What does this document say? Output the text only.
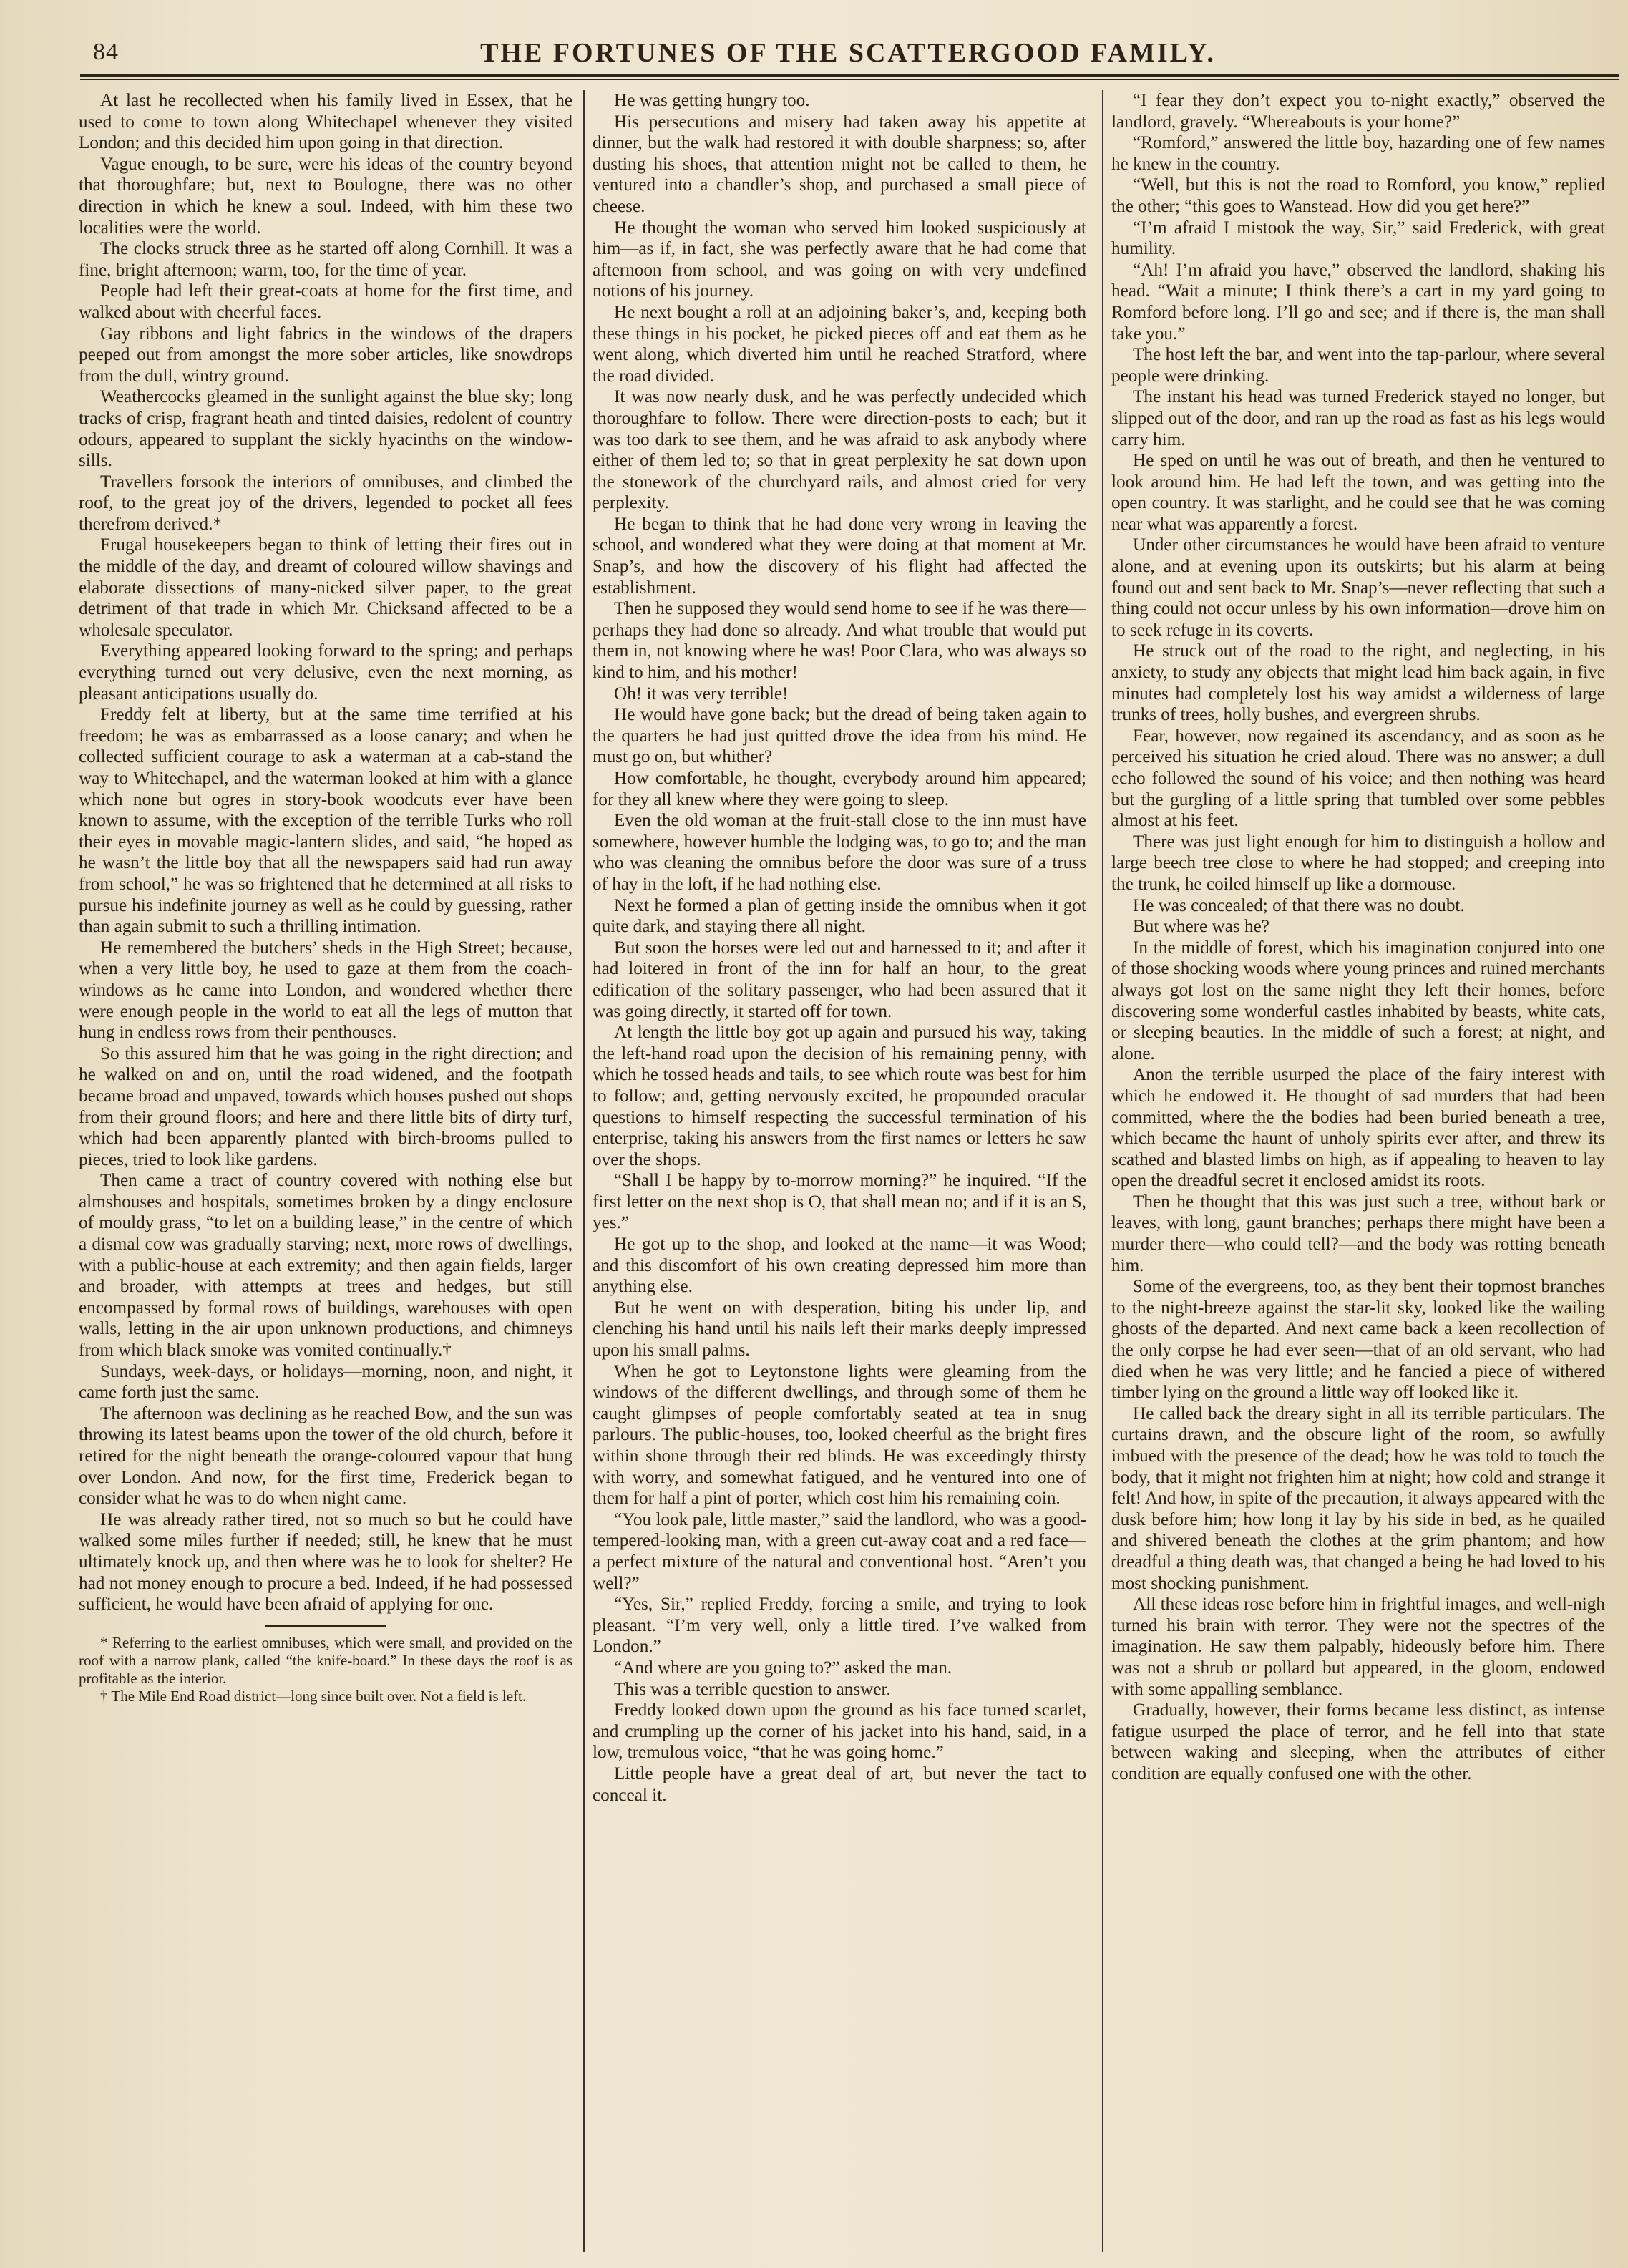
84	THE FORTUNES OF THE SCATTERGOOD FAMILY.

At last he recollected when his family lived in Essex, that he used to come to town along Whitechapel whenever they visited London; and this decided him upon going in that direction.

Vague enough, to be sure, were his ideas of the country beyond that thoroughfare; but, next to Boulogne, there was no other direction in which he knew a soul. Indeed, with him these two localities were the world.

The clocks struck three as he started off along Cornhill. It was a fine, bright afternoon; warm, too, for the time of year.

People had left their great-coats at home for the first time, and walked about with cheerful faces.

Gay ribbons and light fabrics in the windows of the drapers peeped out from amongst the more sober articles, like snowdrops from the dull, wintry ground.

Weathercocks gleamed in the sunlight against the blue sky; long tracks of crisp, fragrant heath and tinted daisies, redolent of country odours, appeared to supplant the sickly hyacinths on the window-sills.

Travellers forsook the interiors of omnibuses, and climbed the roof, to the great joy of the drivers, legended to pocket all fees therefrom derived.*

Frugal housekeepers began to think of letting their fires out in the middle of the day, and dreamt of coloured willow shavings and elaborate dissections of many-nicked silver paper, to the great detriment of that trade in which Mr. Chicksand affected to be a wholesale speculator.

Everything appeared looking forward to the spring; and perhaps everything turned out very delusive, even the next morning, as pleasant anticipations usually do.

Freddy felt at liberty, but at the same time terrified at his freedom; he was as embarrassed as a loose canary; and when he collected sufficient courage to ask a waterman at a cab-stand the way to Whitechapel, and the waterman looked at him with a glance which none but ogres in story-book woodcuts ever have been known to assume, with the exception of the terrible Turks who roll their eyes in movable magic-lantern slides, and said, “he hoped as he wasn’t the little boy that all the newspapers said had run away from school,” he was so frightened that he determined at all risks to pursue his indefinite journey as well as he could by guessing, rather than again submit to such a thrilling intimation.

He remembered the butchers’ sheds in the High Street; because, when a very little boy, he used to gaze at them from the coach-windows as he came into London, and wondered whether there were enough people in the world to eat all the legs of mutton that hung in endless rows from their penthouses.

So this assured him that he was going in the right direction; and he walked on and on, until the road widened, and the footpath became broad and unpaved, towards which houses pushed out shops from their ground floors; and here and there little bits of dirty turf, which had been apparently planted with birch-brooms pulled to pieces, tried to look like gardens.

Then came a tract of country covered with nothing else but almshouses and hospitals, sometimes broken by a dingy enclosure of mouldy grass, “to let on a building lease,” in the centre of which a dismal cow was gradually starving; next, more rows of dwellings, with a public-house at each extremity; and then again fields, larger and broader, with attempts at trees and hedges, but still encompassed by formal rows of buildings, warehouses with open walls, letting in the air upon unknown productions, and chimneys from which black smoke was vomited continually.†

Sundays, week-days, or holidays—morning, noon, and night, it came forth just the same.

The afternoon was declining as he reached Bow, and the sun was throwing its latest beams upon the tower of the old church, before it retired for the night beneath the orange-coloured vapour that hung over London. And now, for the first time, Frederick began to consider what he was to do when night came.

He was already rather tired, not so much so but he could have walked some miles further if needed; still, he knew that he must ultimately knock up, and then where was he to look for shelter? He had not money enough to procure a bed. Indeed, if he had possessed sufficient, he would have been afraid of applying for one.

* Referring to the earliest omnibuses, which were small, and provided on the roof with a narrow plank, called “the knife-board.” In these days the roof is as profitable as the interior.

† The Mile End Road district—long since built over. Not a field is left.

He was getting hungry too.

His persecutions and misery had taken away his appetite at dinner, but the walk had restored it with double sharpness; so, after dusting his shoes, that attention might not be called to them, he ventured into a chandler’s shop, and purchased a small piece of cheese.

He thought the woman who served him looked suspiciously at him—as if, in fact, she was perfectly aware that he had come that afternoon from school, and was going on with very undefined notions of his journey.

He next bought a roll at an adjoining baker’s, and, keeping both these things in his pocket, he picked pieces off and eat them as he went along, which diverted him until he reached Stratford, where the road divided.

It was now nearly dusk, and he was perfectly undecided which thoroughfare to follow. There were direction-posts to each; but it was too dark to see them, and he was afraid to ask anybody where either of them led to; so that in great perplexity he sat down upon the stonework of the churchyard rails, and almost cried for very perplexity.

He began to think that he had done very wrong in leaving the school, and wondered what they were doing at that moment at Mr. Snap’s, and how the discovery of his flight had affected the establishment.

Then he supposed they would send home to see if he was there—perhaps they had done so already. And what trouble that would put them in, not knowing where he was! Poor Clara, who was always so kind to him, and his mother!

Oh! it was very terrible!

He would have gone back; but the dread of being taken again to the quarters he had just quitted drove the idea from his mind. He must go on, but whither?

How comfortable, he thought, everybody around him appeared; for they all knew where they were going to sleep.

Even the old woman at the fruit-stall close to the inn must have somewhere, however humble the lodging was, to go to; and the man who was cleaning the omnibus before the door was sure of a truss of hay in the loft, if he had nothing else.

Next he formed a plan of getting inside the omnibus when it got quite dark, and staying there all night.

But soon the horses were led out and harnessed to it; and after it had loitered in front of the inn for half an hour, to the great edification of the solitary passenger, who had been assured that it was going directly, it started off for town.

At length the little boy got up again and pursued his way, taking the left-hand road upon the decision of his remaining penny, with which he tossed heads and tails, to see which route was best for him to follow; and, getting nervously excited, he propounded oracular questions to himself respecting the successful termination of his enterprise, taking his answers from the first names or letters he saw over the shops.

“Shall I be happy by to-morrow morning?” he inquired. “If the first letter on the next shop is O, that shall mean no; and if it is an S, yes.”

He got up to the shop, and looked at the name—it was Wood; and this discomfort of his own creating depressed him more than anything else.

But he went on with desperation, biting his under lip, and clenching his hand until his nails left their marks deeply impressed upon his small palms.

When he got to Leytonstone lights were gleaming from the windows of the different dwellings, and through some of them he caught glimpses of people comfortably seated at tea in snug parlours. The public-houses, too, looked cheerful as the bright fires within shone through their red blinds. He was exceedingly thirsty with worry, and somewhat fatigued, and he ventured into one of them for half a pint of porter, which cost him his remaining coin.

“You look pale, little master,” said the landlord, who was a good-tempered-looking man, with a green cut-away coat and a red face—a perfect mixture of the natural and conventional host. “Aren’t you well?”

“Yes, Sir,” replied Freddy, forcing a smile, and trying to look pleasant. “I’m very well, only a little tired. I’ve walked from London.”

“And where are you going to?” asked the man.

This was a terrible question to answer.

Freddy looked down upon the ground as his face turned scarlet, and crumpling up the corner of his jacket into his hand, said, in a low, tremulous voice, “that he was going home.”

Little people have a great deal of art, but never the tact to conceal it.

“I fear they don’t expect you to-night exactly,” observed the landlord, gravely. “Whereabouts is your home?”

“Romford,” answered the little boy, hazarding one of few names he knew in the country.

“Well, but this is not the road to Romford, you know,” replied the other; “this goes to Wanstead. How did you get here?”

“I’m afraid I mistook the way, Sir,” said Frederick, with great humility.

“Ah! I’m afraid you have,” observed the landlord, shaking his head. “Wait a minute; I think there’s a cart in my yard going to Romford before long. I’ll go and see; and if there is, the man shall take you.”

The host left the bar, and went into the tap-parlour, where several people were drinking.

The instant his head was turned Frederick stayed no longer, but slipped out of the door, and ran up the road as fast as his legs would carry him.

He sped on until he was out of breath, and then he ventured to look around him. He had left the town, and was getting into the open country. It was starlight, and he could see that he was coming near what was apparently a forest.

Under other circumstances he would have been afraid to venture alone, and at evening upon its outskirts; but his alarm at being found out and sent back to Mr. Snap’s—never reflecting that such a thing could not occur unless by his own information—drove him on to seek refuge in its coverts.

He struck out of the road to the right, and neglecting, in his anxiety, to study any objects that might lead him back again, in five minutes had completely lost his way amidst a wilderness of large trunks of trees, holly bushes, and evergreen shrubs.

Fear, however, now regained its ascendancy, and as soon as he perceived his situation he cried aloud. There was no answer; a dull echo followed the sound of his voice; and then nothing was heard but the gurgling of a little spring that tumbled over some pebbles almost at his feet.

There was just light enough for him to distinguish a hollow and large beech tree close to where he had stopped; and creeping into the trunk, he coiled himself up like a dormouse.

He was concealed; of that there was no doubt.

But where was he?

In the middle of forest, which his imagination conjured into one of those shocking woods where young princes and ruined merchants always got lost on the same night they left their homes, before discovering some wonderful castles inhabited by beasts, white cats, or sleeping beauties. In the middle of such a forest; at night, and alone.

Anon the terrible usurped the place of the fairy interest with which he endowed it. He thought of sad murders that had been committed, where the the bodies had been buried beneath a tree, which became the haunt of unholy spirits ever after, and threw its scathed and blasted limbs on high, as if appealing to heaven to lay open the dreadful secret it enclosed amidst its roots.

Then he thought that this was just such a tree, without bark or leaves, with long, gaunt branches; perhaps there might have been a murder there—who could tell?—and the body was rotting beneath him.

Some of the evergreens, too, as they bent their topmost branches to the night-breeze against the star-lit sky, looked like the wailing ghosts of the departed. And next came back a keen recollection of the only corpse he had ever seen—that of an old servant, who had died when he was very little; and he fancied a piece of withered timber lying on the ground a little way off looked like it.

He called back the dreary sight in all its terrible particulars. The curtains drawn, and the obscure light of the room, so awfully imbued with the presence of the dead; how he was told to touch the body, that it might not frighten him at night; how cold and strange it felt! And how, in spite of the precaution, it always appeared with the dusk before him; how long it lay by his side in bed, as he quailed and shivered beneath the clothes at the grim phantom; and how dreadful a thing death was, that changed a being he had loved to his most shocking punishment.

All these ideas rose before him in frightful images, and well-nigh turned his brain with terror. They were not the spectres of the imagination. He saw them palpably, hideously before him. There was not a shrub or pollard but appeared, in the gloom, endowed with some appalling semblance.

Gradually, however, their forms became less distinct, as intense fatigue usurped the place of terror, and he fell into that state between waking and sleeping, when the attributes of either condition are equally confused one with the other.
